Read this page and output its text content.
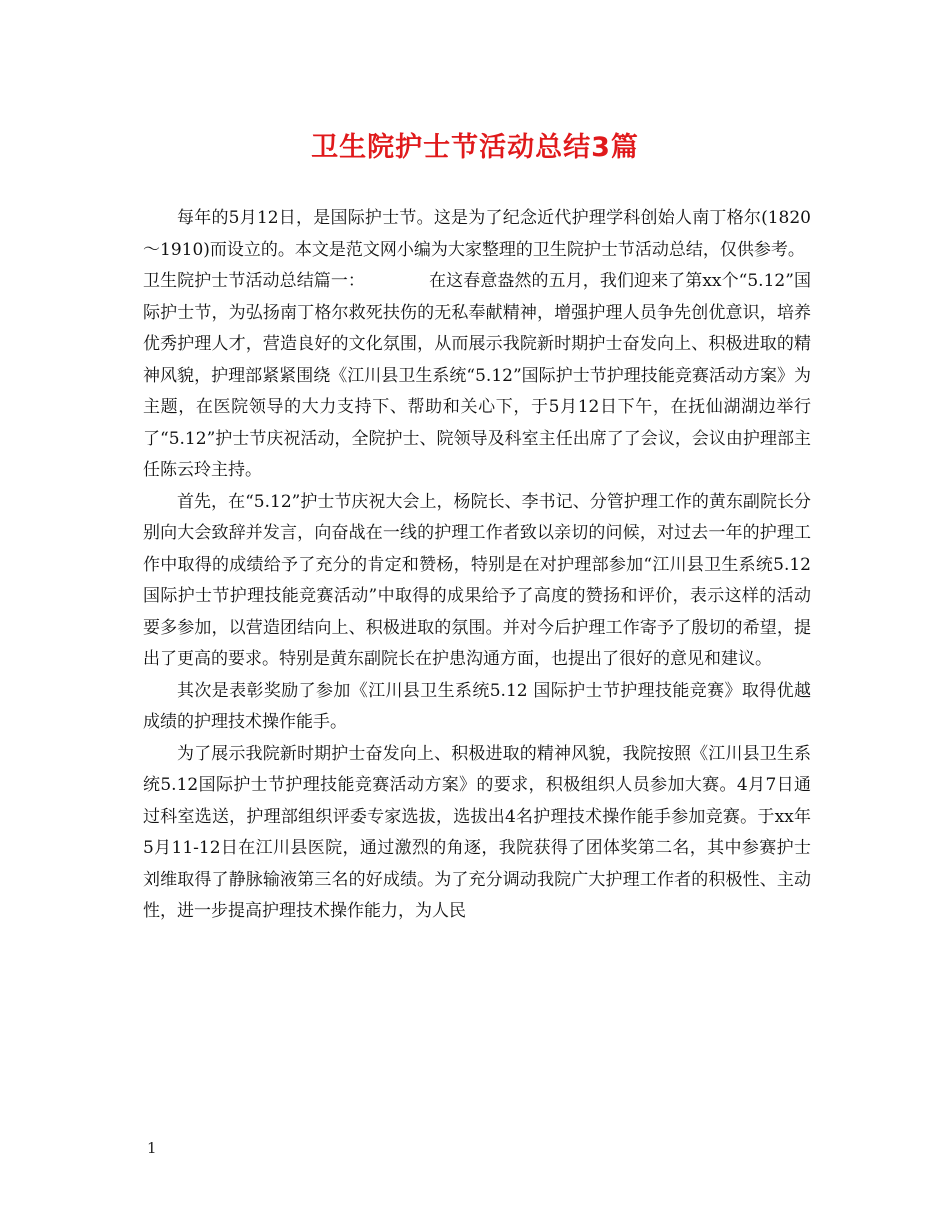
卫生院护士节活动总结3篇

每年的5月12日，是国际护士节。这是为了纪念近代护理学科创始人南丁格尔(1820～1910)而设立的。本文是范文网小编为大家整理的卫生院护士节活动总结，仅供参考。

卫生院护士节活动总结篇一：	在这春意盎然的五月，我们迎来了第xx个“5.12”国际护士节，为弘扬南丁格尔救死扶伤的无私奉献精神，增强护理人员争先创优意识，培养优秀护理人才，营造良好的文化氛围，从而展示我院新时期护士奋发向上、积极进取的精神风貌，护理部紧紧围绕《江川县卫生系统“5.12”国际护士节护理技能竞赛活动方案》为主题，在医院领导的大力支持下、帮助和关心下，于5月12日下午，在抚仙湖湖边举行了“5.12”护士节庆祝活动，全院护士、院领导及科室主任出席了了会议，会议由护理部主任陈云玲主持。

首先，在“5.12”护士节庆祝大会上，杨院长、李书记、分管护理工作的黄东副院长分别向大会致辞并发言，向奋战在一线的护理工作者致以亲切的问候，对过去一年的护理工作中取得的成绩给予了充分的肯定和赞杨，特别是在对护理部参加“江川县卫生系统5.12国际护士节护理技能竞赛活动”中取得的成果给予了高度的赞扬和评价，表示这样的活动要多参加，以营造团结向上、积极进取的氛围。并对今后护理工作寄予了殷切的希望，提出了更高的要求。特别是黄东副院长在护患沟通方面，也提出了很好的意见和建议。

其次是表彰奖励了参加《江川县卫生系统5.12 国际护士节护理技能竞赛》取得优越成绩的护理技术操作能手。

为了展示我院新时期护士奋发向上、积极进取的精神风貌，我院按照《江川县卫生系统5.12国际护士节护理技能竞赛活动方案》的要求，积极组织人员参加大赛。4月7日通过科室选送，护理部组织评委专家选拔，选拔出4名护理技术操作能手参加竞赛。于xx年5月11-12日在江川县医院，通过激烈的角逐，我院获得了团体奖第二名，其中参赛护士刘维取得了静脉输液第三名的好成绩。为了充分调动我院广大护理工作者的积极性、主动性，进一步提高护理技术操作能力，为人民

1
